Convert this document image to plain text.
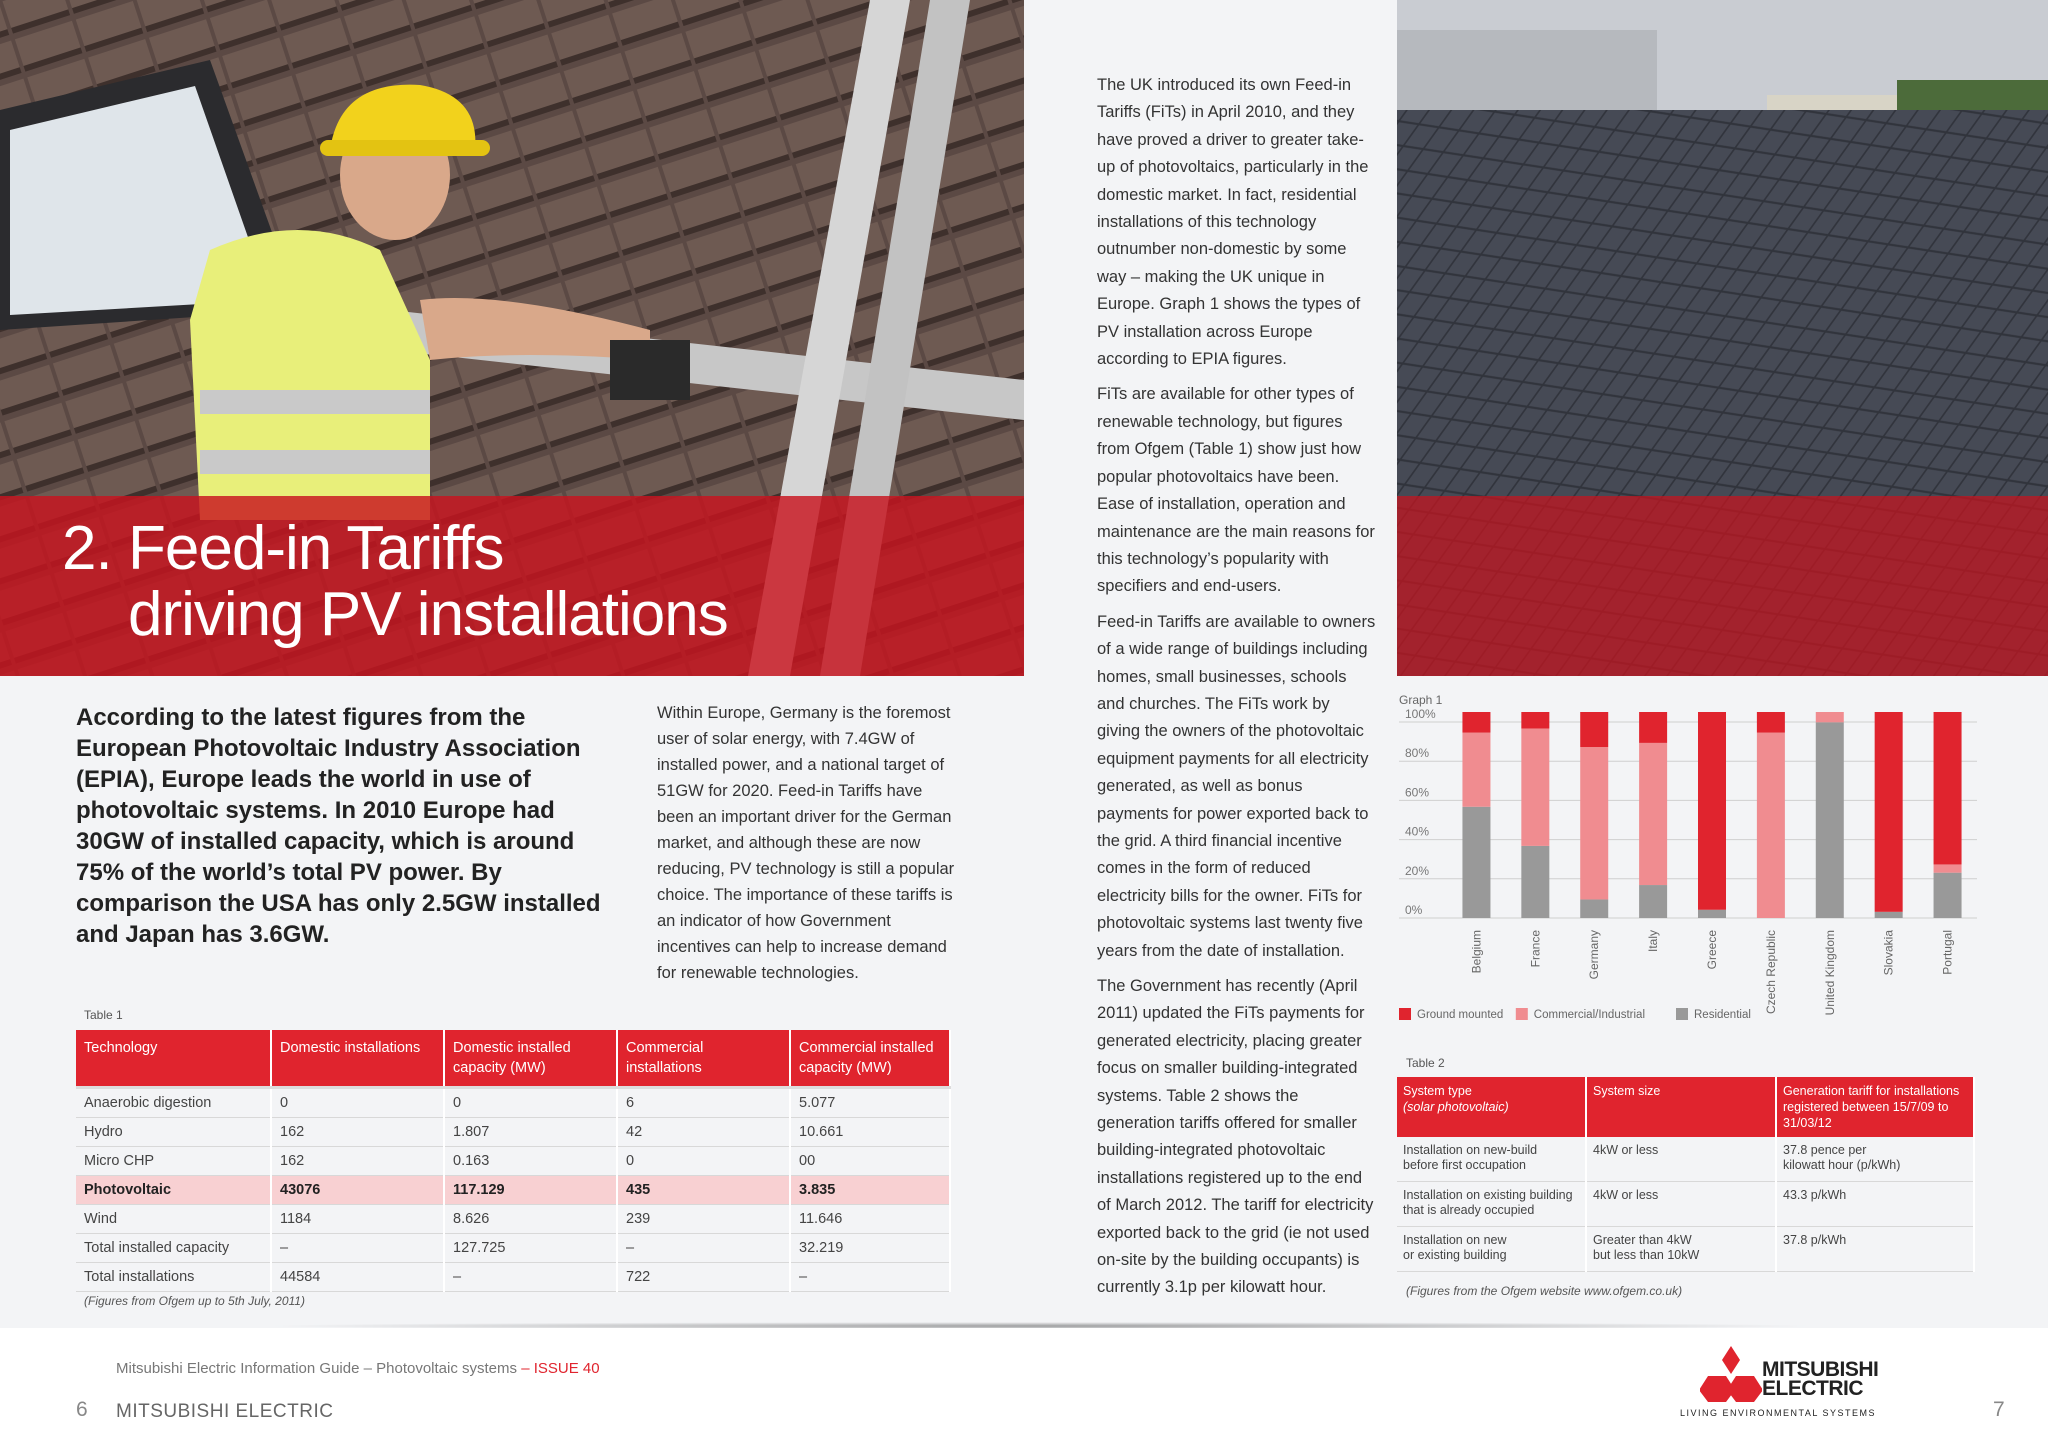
2. Feed-in Tariffs
driving PV installations
According to the latest figures from the European Photovoltaic Industry Association (EPIA), Europe leads the world in use of photovoltaic systems. In 2010 Europe had 30GW of installed capacity, which is around 75% of the world’s total PV power. By comparison the USA has only 2.5GW installed and Japan has 3.6GW.

Within Europe, Germany is the foremost user of solar energy, with 7.4GW of installed power, and a national target of 51GW for 2020. Feed-in Tariffs have been an important driver for the German market, and although these are now reducing, PV technology is still a popular choice. The importance of these tariffs is an indicator of how Government incentives can help to increase demand for renewable technologies.

The UK introduced its own Feed-in Tariffs (FiTs) in April 2010, and they have proved a driver to greater take-up of photovoltaics, particularly in the domestic market. In fact, residential installations of this technology outnumber non-domestic by some way – making the UK unique in Europe. Graph 1 shows the types of PV installation across Europe according to EPIA figures.

FiTs are available for other types of renewable technology, but figures from Ofgem (Table 1) show just how popular photovoltaics have been. Ease of installation, operation and maintenance are the main reasons for this technology’s popularity with specifiers and end-users.

Feed-in Tariffs are available to owners of a wide range of buildings including homes, small businesses, schools and churches. The FiTs work by giving the owners of the photovoltaic equipment payments for all electricity generated, as well as bonus payments for power exported back to the grid. A third financial incentive comes in the form of reduced electricity bills for the owner. FiTs for photovoltaic systems last twenty five years from the date of installation.

The Government has recently (April 2011) updated the FiTs payments for generated electricity, placing greater focus on smaller building-integrated systems. Table 2 shows the generation tariffs offered for smaller building-integrated photovoltaic installations registered up to the end of March 2012. The tariff for electricity exported back to the grid (ie not used on-site by the building occupants) is currently 3.1p per kilowatt hour.

Table 1
Technology	Domestic installations	Domestic installed capacity (MW)	Commercial installations	Commercial installed capacity (MW)
Anaerobic digestion	0	0	6	5.077
Hydro	162	1.807	42	10.661
Micro CHP	162	0.163	0	00
Photovoltaic	43076	117.129	435	3.835
Wind	1184	8.626	239	11.646
Total installed capacity	–	127.725	–	32.219
Total installations	44584	–	722	–
(Figures from Ofgem up to 5th July, 2011)
Graph 1
100%
80%
60%
40%
20%
0%
Belgium	France	Germany	Italy	Greece	Czech Republic	United Kingdom	Slovakia	Portugal
Ground mounted	Commercial/Industrial	Residential
Table 2
System type
(solar photovoltaic)	System size	Generation tariff for installations registered between 15/7/09 to 31/03/12
Installation on new-build
before first occupation	4kW or less	37.8 pence per
kilowatt hour (p/kWh)
Installation on existing building
that is already occupied	4kW or less	43.3 p/kWh
Installation on new
or existing building	Greater than 4kW
but less than 10kW	37.8 p/kWh
(Figures from the Ofgem website www.ofgem.co.uk)
Mitsubishi Electric Information Guide – Photovoltaic systems – ISSUE 40
6 MITSUBISHI ELECTRIC	7
MITSUBISHI
ELECTRIC
LIVING ENVIRONMENTAL SYSTEMS
